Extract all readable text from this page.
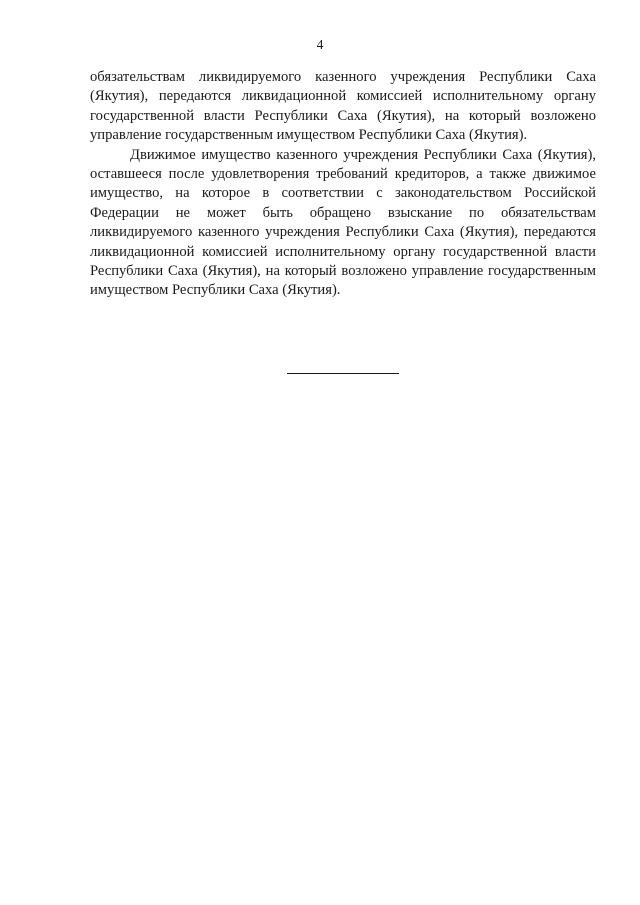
4

обязательствам ликвидируемого казенного учреждения Республики Саха (Якутия), передаются ликвидационной комиссией исполнительному органу государственной власти Республики Саха (Якутия), на который возложено управление государственным имуществом Республики Саха (Якутия).

Движимое имущество казенного учреждения Республики Саха (Якутия), оставшееся после удовлетворения требований кредиторов, а также движимое имущество, на которое в соответствии с законодательством Российской Федерации не может быть обращено взыскание по обязательствам ликвидируемого казенного учреждения Республики Саха (Якутия), передаются ликвидационной комиссией исполнительному органу государственной власти Республики Саха (Якутия), на который возложено управление государственным имуществом Республики Саха (Якутия).
